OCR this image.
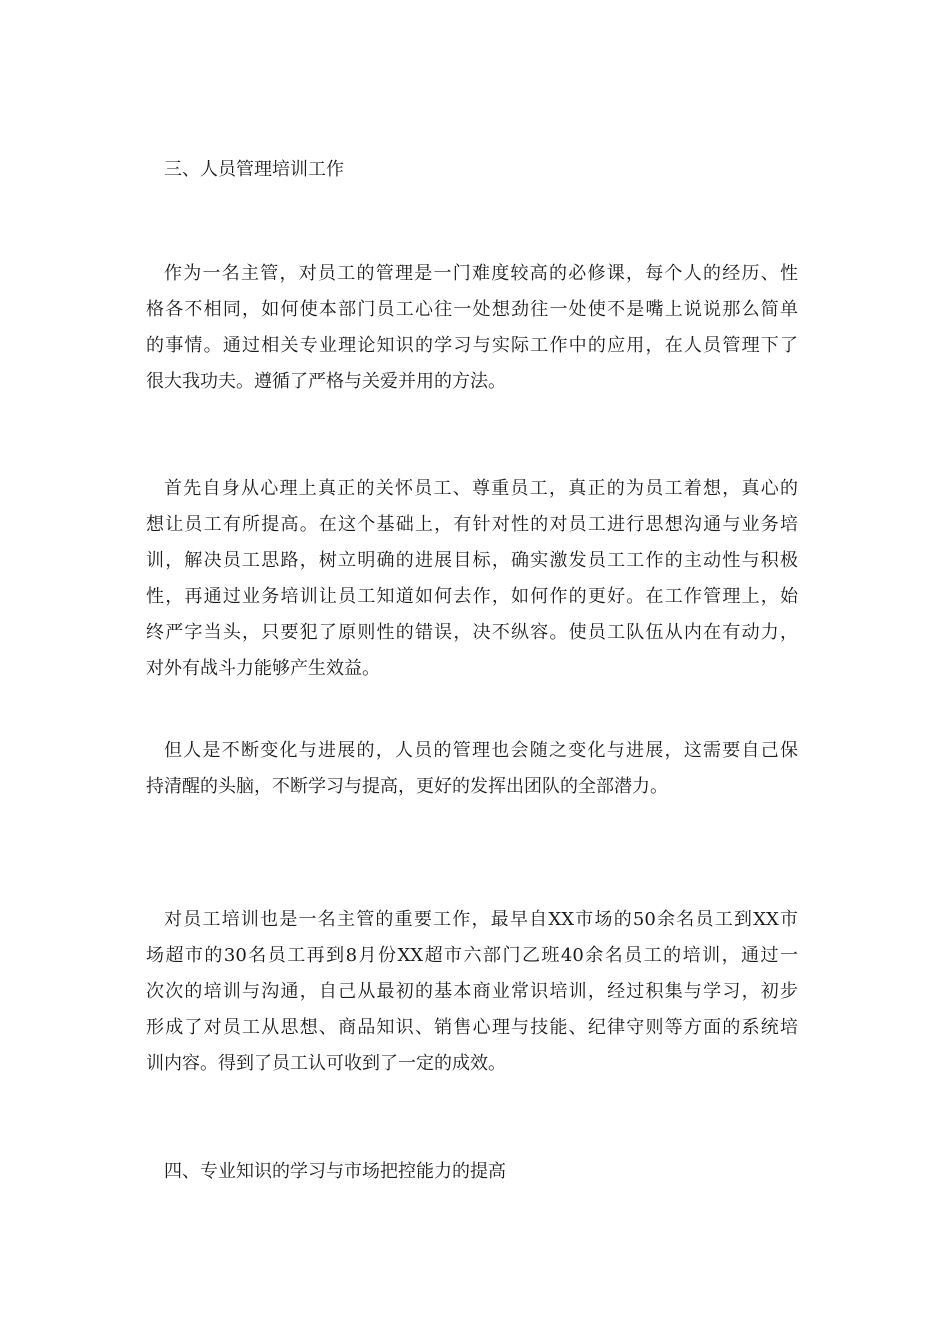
三、人员管理培训工作
作为一名主管，对员工的管理是一门难度较高的必修课，每个人的经历、性
格各不相同，如何使本部门员工心往一处想劲往一处使不是嘴上说说那么简单
的事情。通过相关专业理论知识的学习与实际工作中的应用，在人员管理下了
很大我功夫。遵循了严格与关爱并用的方法。
首先自身从心理上真正的关怀员工、尊重员工，真正的为员工着想，真心的
想让员工有所提高。在这个基础上，有针对性的对员工进行思想沟通与业务培
训，解决员工思路，树立明确的进展目标，确实激发员工工作的主动性与积极
性，再通过业务培训让员工知道如何去作，如何作的更好。在工作管理上，始
终严字当头，只要犯了原则性的错误，决不纵容。使员工队伍从内在有动力，
对外有战斗力能够产生效益。
但人是不断变化与进展的，人员的管理也会随之变化与进展，这需要自己保
持清醒的头脑，不断学习与提高，更好的发挥出团队的全部潜力。
对员工培训也是一名主管的重要工作，最早自XX市场的50余名员工到XX市
场超市的30名员工再到8月份XX超市六部门乙班40余名员工的培训，通过一
次次的培训与沟通，自己从最初的基本商业常识培训，经过积集与学习，初步
形成了对员工从思想、商品知识、销售心理与技能、纪律守则等方面的系统培
训内容。得到了员工认可收到了一定的成效。
四、专业知识的学习与市场把控能力的提高
